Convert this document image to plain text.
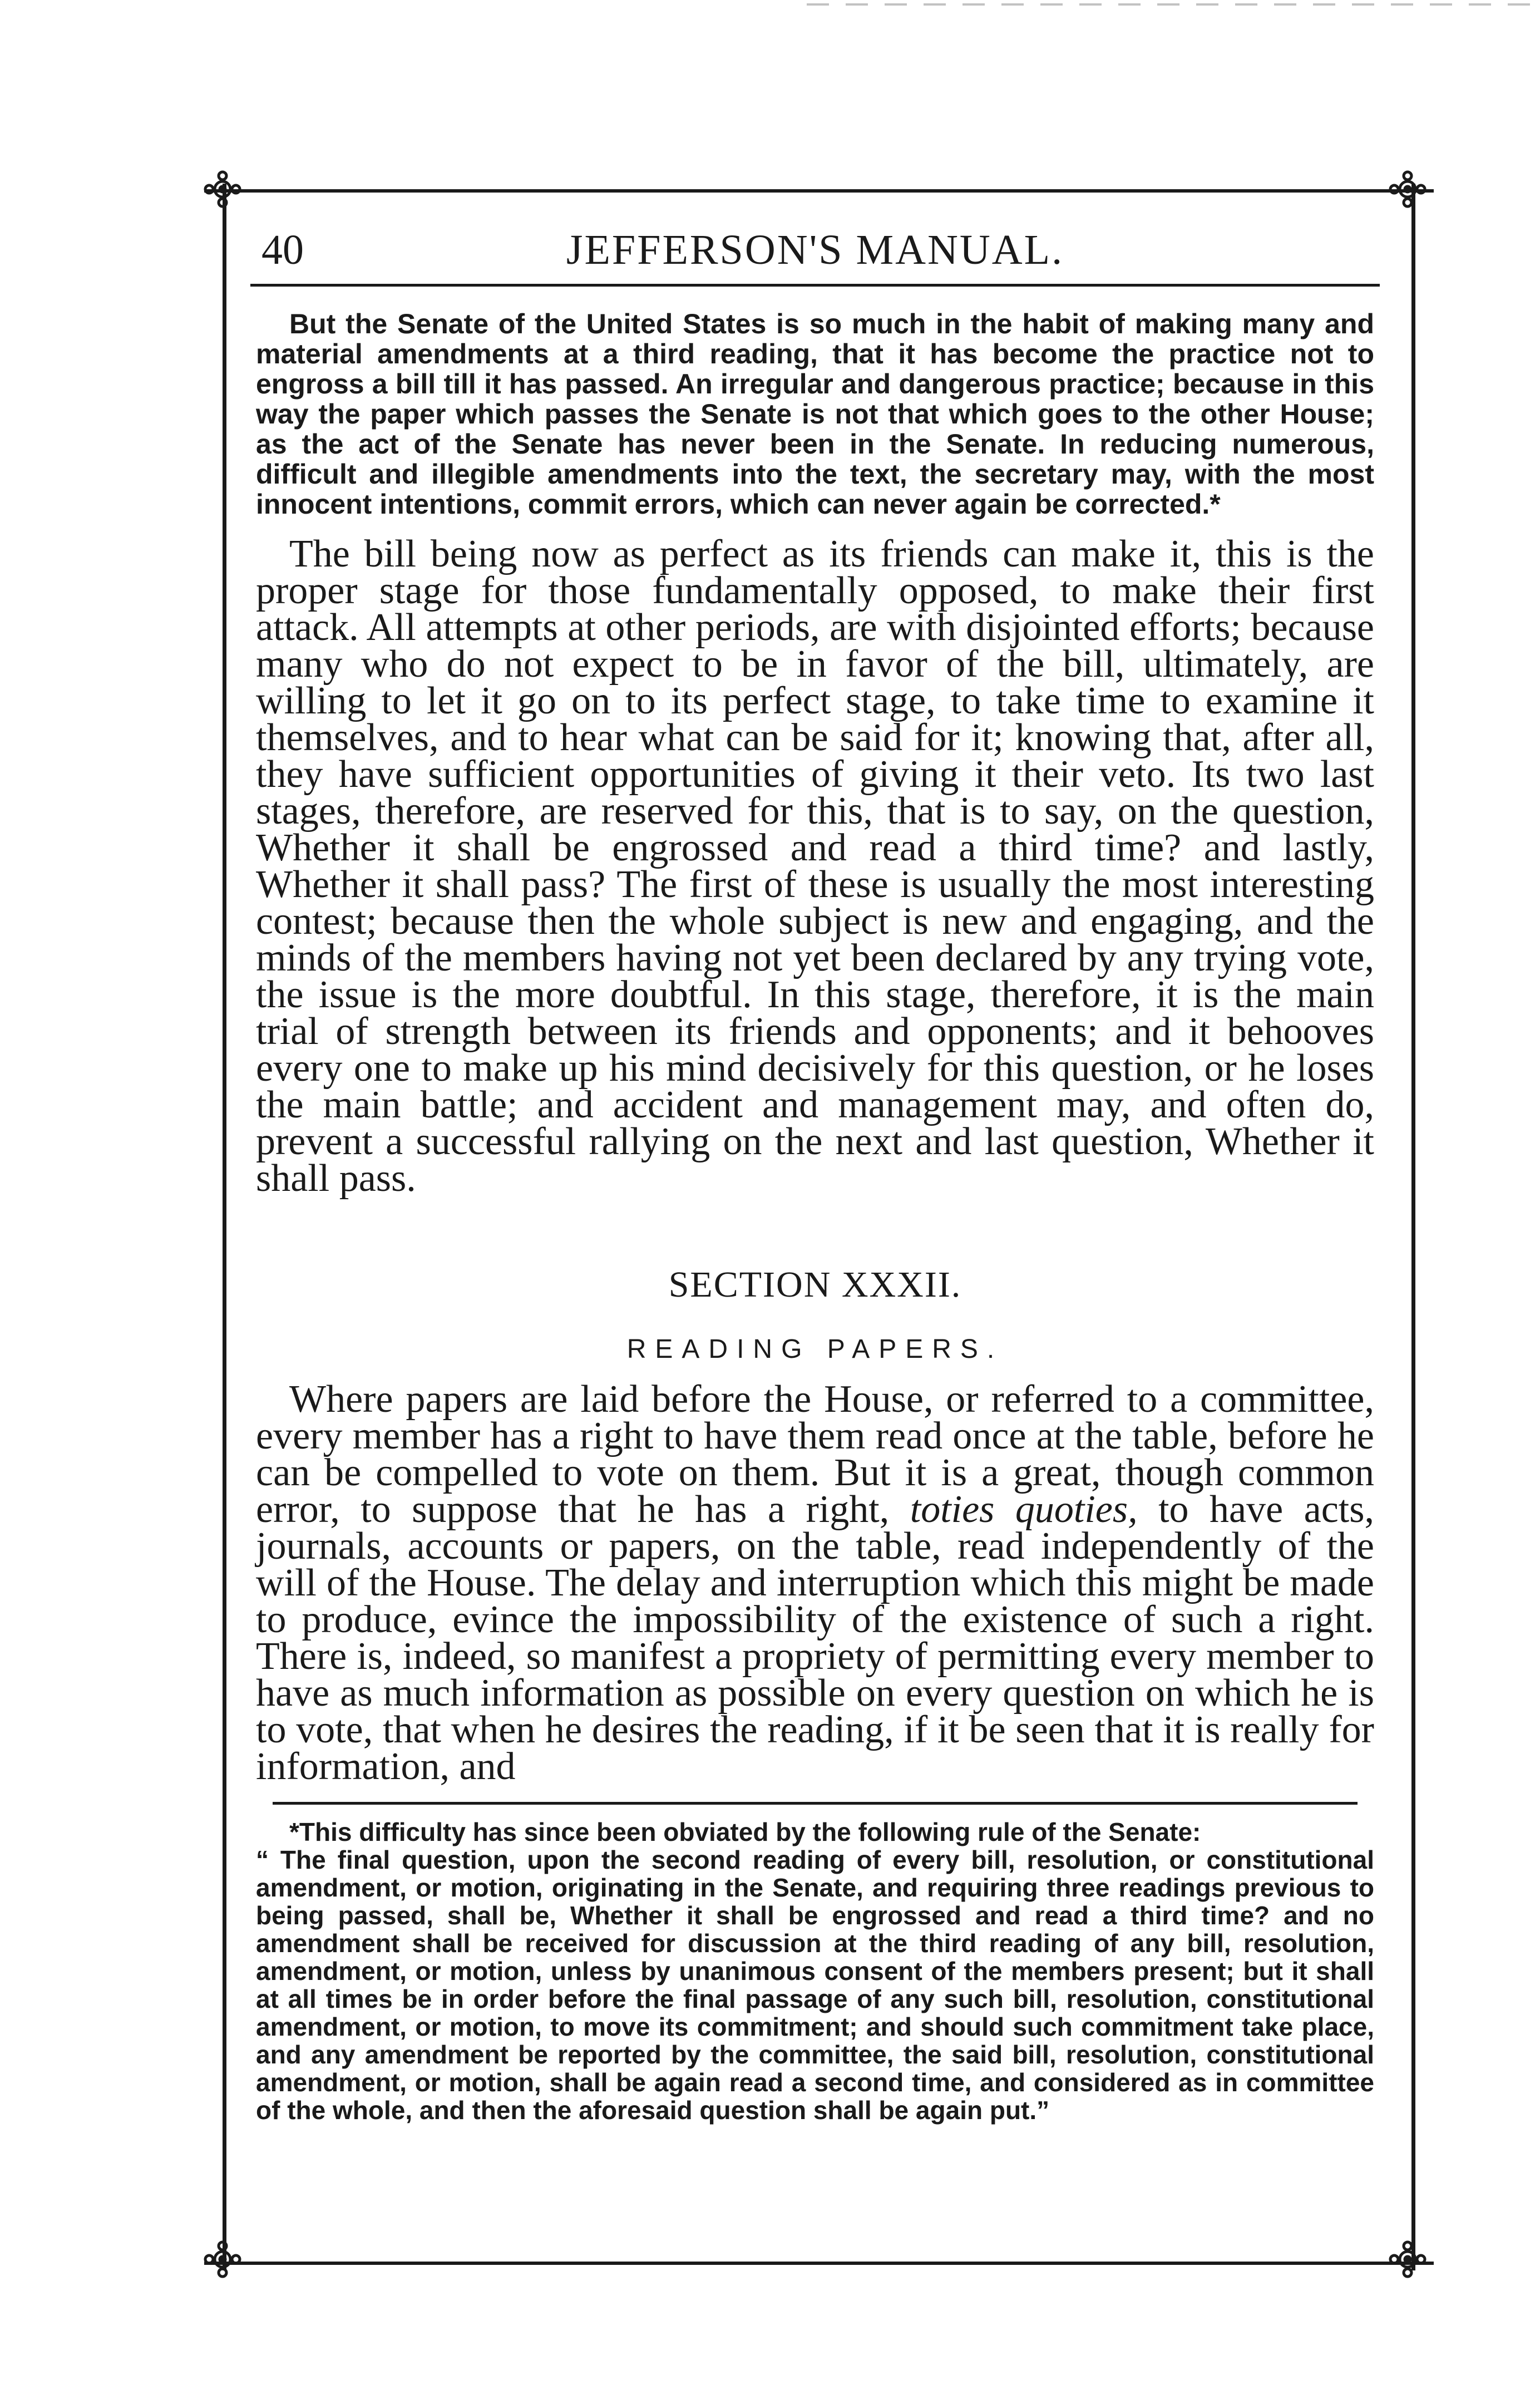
40	JEFFERSON'S MANUAL.

But the Senate of the United States is so much in the habit of making many and material amendments at a third reading, that it has become the practice not to engross a bill till it has passed. An irregular and dangerous practice; because in this way the paper which passes the Senate is not that which goes to the other House; as the act of the Senate has never been in the Senate. In reducing numerous, difficult and illegible amendments into the text, the secretary may, with the most innocent intentions, commit errors, which can never again be corrected.*

The bill being now as perfect as its friends can make it, this is the proper stage for those fundamentally opposed, to make their first attack. All attempts at other periods, are with disjointed efforts; because many who do not expect to be in favor of the bill, ultimately, are willing to let it go on to its perfect stage, to take time to examine it themselves, and to hear what can be said for it; knowing that, after all, they have sufficient opportunities of giving it their veto. Its two last stages, therefore, are reserved for this, that is to say, on the question, Whether it shall be engrossed and read a third time? and lastly, Whether it shall pass? The first of these is usually the most interesting contest; because then the whole subject is new and engaging, and the minds of the members having not yet been declared by any trying vote, the issue is the more doubtful. In this stage, therefore, it is the main trial of strength between its friends and opponents; and it behooves every one to make up his mind decisively for this question, or he loses the main battle; and accident and management may, and often do, prevent a successful rallying on the next and last question, Whether it shall pass.

SECTION XXXII.
READING PAPERS.

Where papers are laid before the House, or referred to a committee, every member has a right to have them read once at the table, before he can be compelled to vote on them. But it is a great, though common error, to suppose that he has a right, toties quoties, to have acts, journals, accounts or papers, on the table, read independently of the will of the House. The delay and interruption which this might be made to produce, evince the impossibility of the existence of such a right. There is, indeed, so manifest a propriety of permitting every member to have as much information as possible on every question on which he is to vote, that when he desires the reading, if it be seen that it is really for information, and

*This difficulty has since been obviated by the following rule of the Senate:
“ The final question, upon the second reading of every bill, resolution, or constitutional amendment, or motion, originating in the Senate, and requiring three readings previous to being passed, shall be, Whether it shall be engrossed and read a third time? and no amendment shall be received for discussion at the third reading of any bill, resolution, amendment, or motion, unless by unanimous consent of the members present; but it shall at all times be in order before the final passage of any such bill, resolution, constitutional amendment, or motion, to move its commitment; and should such commitment take place, and any amendment be reported by the committee, the said bill, resolution, constitutional amendment, or motion, shall be again read a second time, and considered as in committee of the whole, and then the aforesaid question shall be again put.”
